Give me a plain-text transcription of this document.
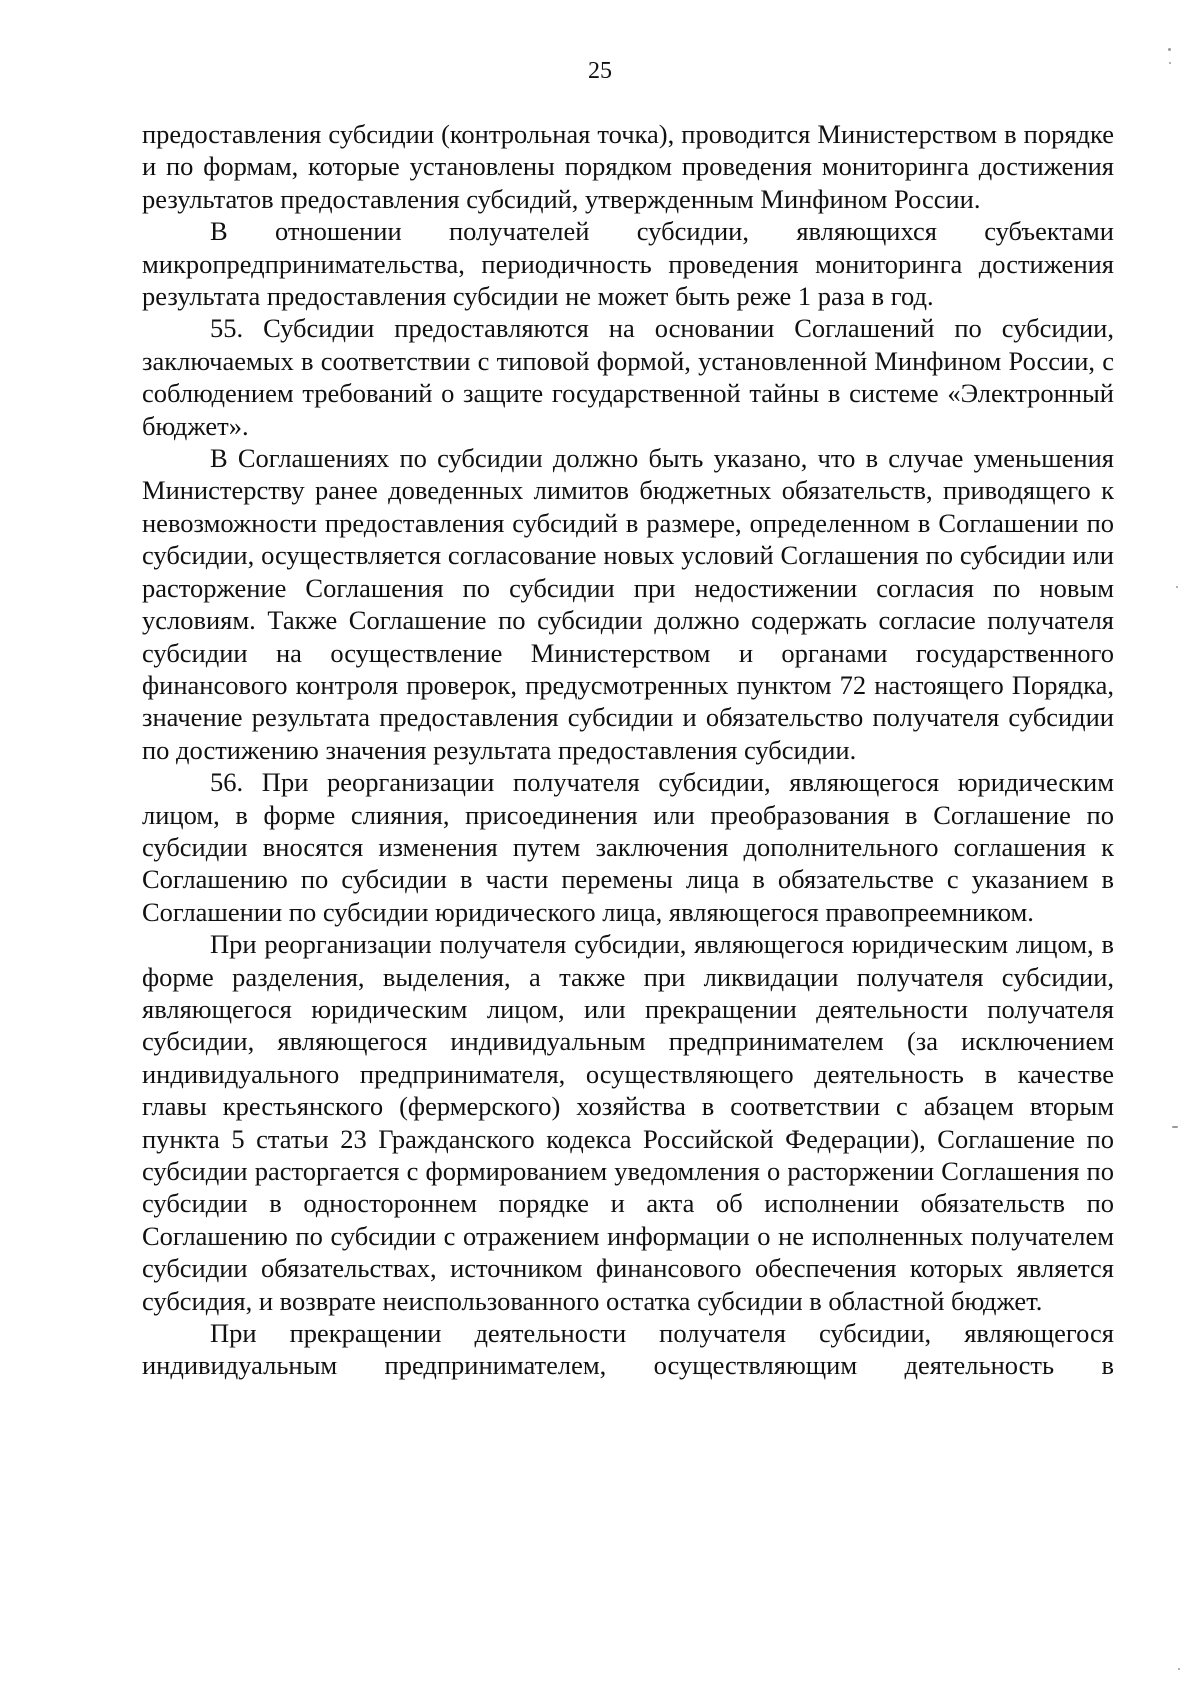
25

предоставления субсидии (контрольная точка), проводится Министерством в порядке и по формам, которые установлены порядком проведения мониторинга достижения результатов предоставления субсидий, утвержденным Минфином России.

В отношении получателей субсидии, являющихся субъектами микропредпринимательства, периодичность проведения мониторинга достижения результата предоставления субсидии не может быть реже 1 раза в год.

55. Субсидии предоставляются на основании Соглашений по субсидии, заключаемых в соответствии с типовой формой, установленной Минфином России, с соблюдением требований о защите государственной тайны в системе «Электронный бюджет».

В Соглашениях по субсидии должно быть указано, что в случае уменьшения Министерству ранее доведенных лимитов бюджетных обязательств, приводящего к невозможности предоставления субсидий в размере, определенном в Соглашении по субсидии, осуществляется согласование новых условий Соглашения по субсидии или расторжение Соглашения по субсидии при недостижении согласия по новым условиям. Также Соглашение по субсидии должно содержать согласие получателя субсидии на осуществление Министерством и органами государственного финансового контроля проверок, предусмотренных пунктом 72 настоящего Порядка, значение результата предоставления субсидии и обязательство получателя субсидии по достижению значения результата предоставления субсидии.

56. При реорганизации получателя субсидии, являющегося юридическим лицом, в форме слияния, присоединения или преобразования в Соглашение по субсидии вносятся изменения путем заключения дополнительного соглашения к Соглашению по субсидии в части перемены лица в обязательстве с указанием в Соглашении по субсидии юридического лица, являющегося правопреемником.

При реорганизации получателя субсидии, являющегося юридическим лицом, в форме разделения, выделения, а также при ликвидации получателя субсидии, являющегося юридическим лицом, или прекращении деятельности получателя субсидии, являющегося индивидуальным предпринимателем (за исключением индивидуального предпринимателя, осуществляющего деятельность в качестве главы крестьянского (фермерского) хозяйства в соответствии с абзацем вторым пункта 5 статьи 23 Гражданского кодекса Российской Федерации), Соглашение по субсидии расторгается с формированием уведомления о расторжении Соглашения по субсидии в одностороннем порядке и акта об исполнении обязательств по Соглашению по субсидии с отражением информации о не исполненных получателем субсидии обязательствах, источником финансового обеспечения которых является субсидия, и возврате неиспользованного остатка субсидии в областной бюджет.

При прекращении деятельности получателя субсидии, являющегося индивидуальным предпринимателем, осуществляющим деятельность в
